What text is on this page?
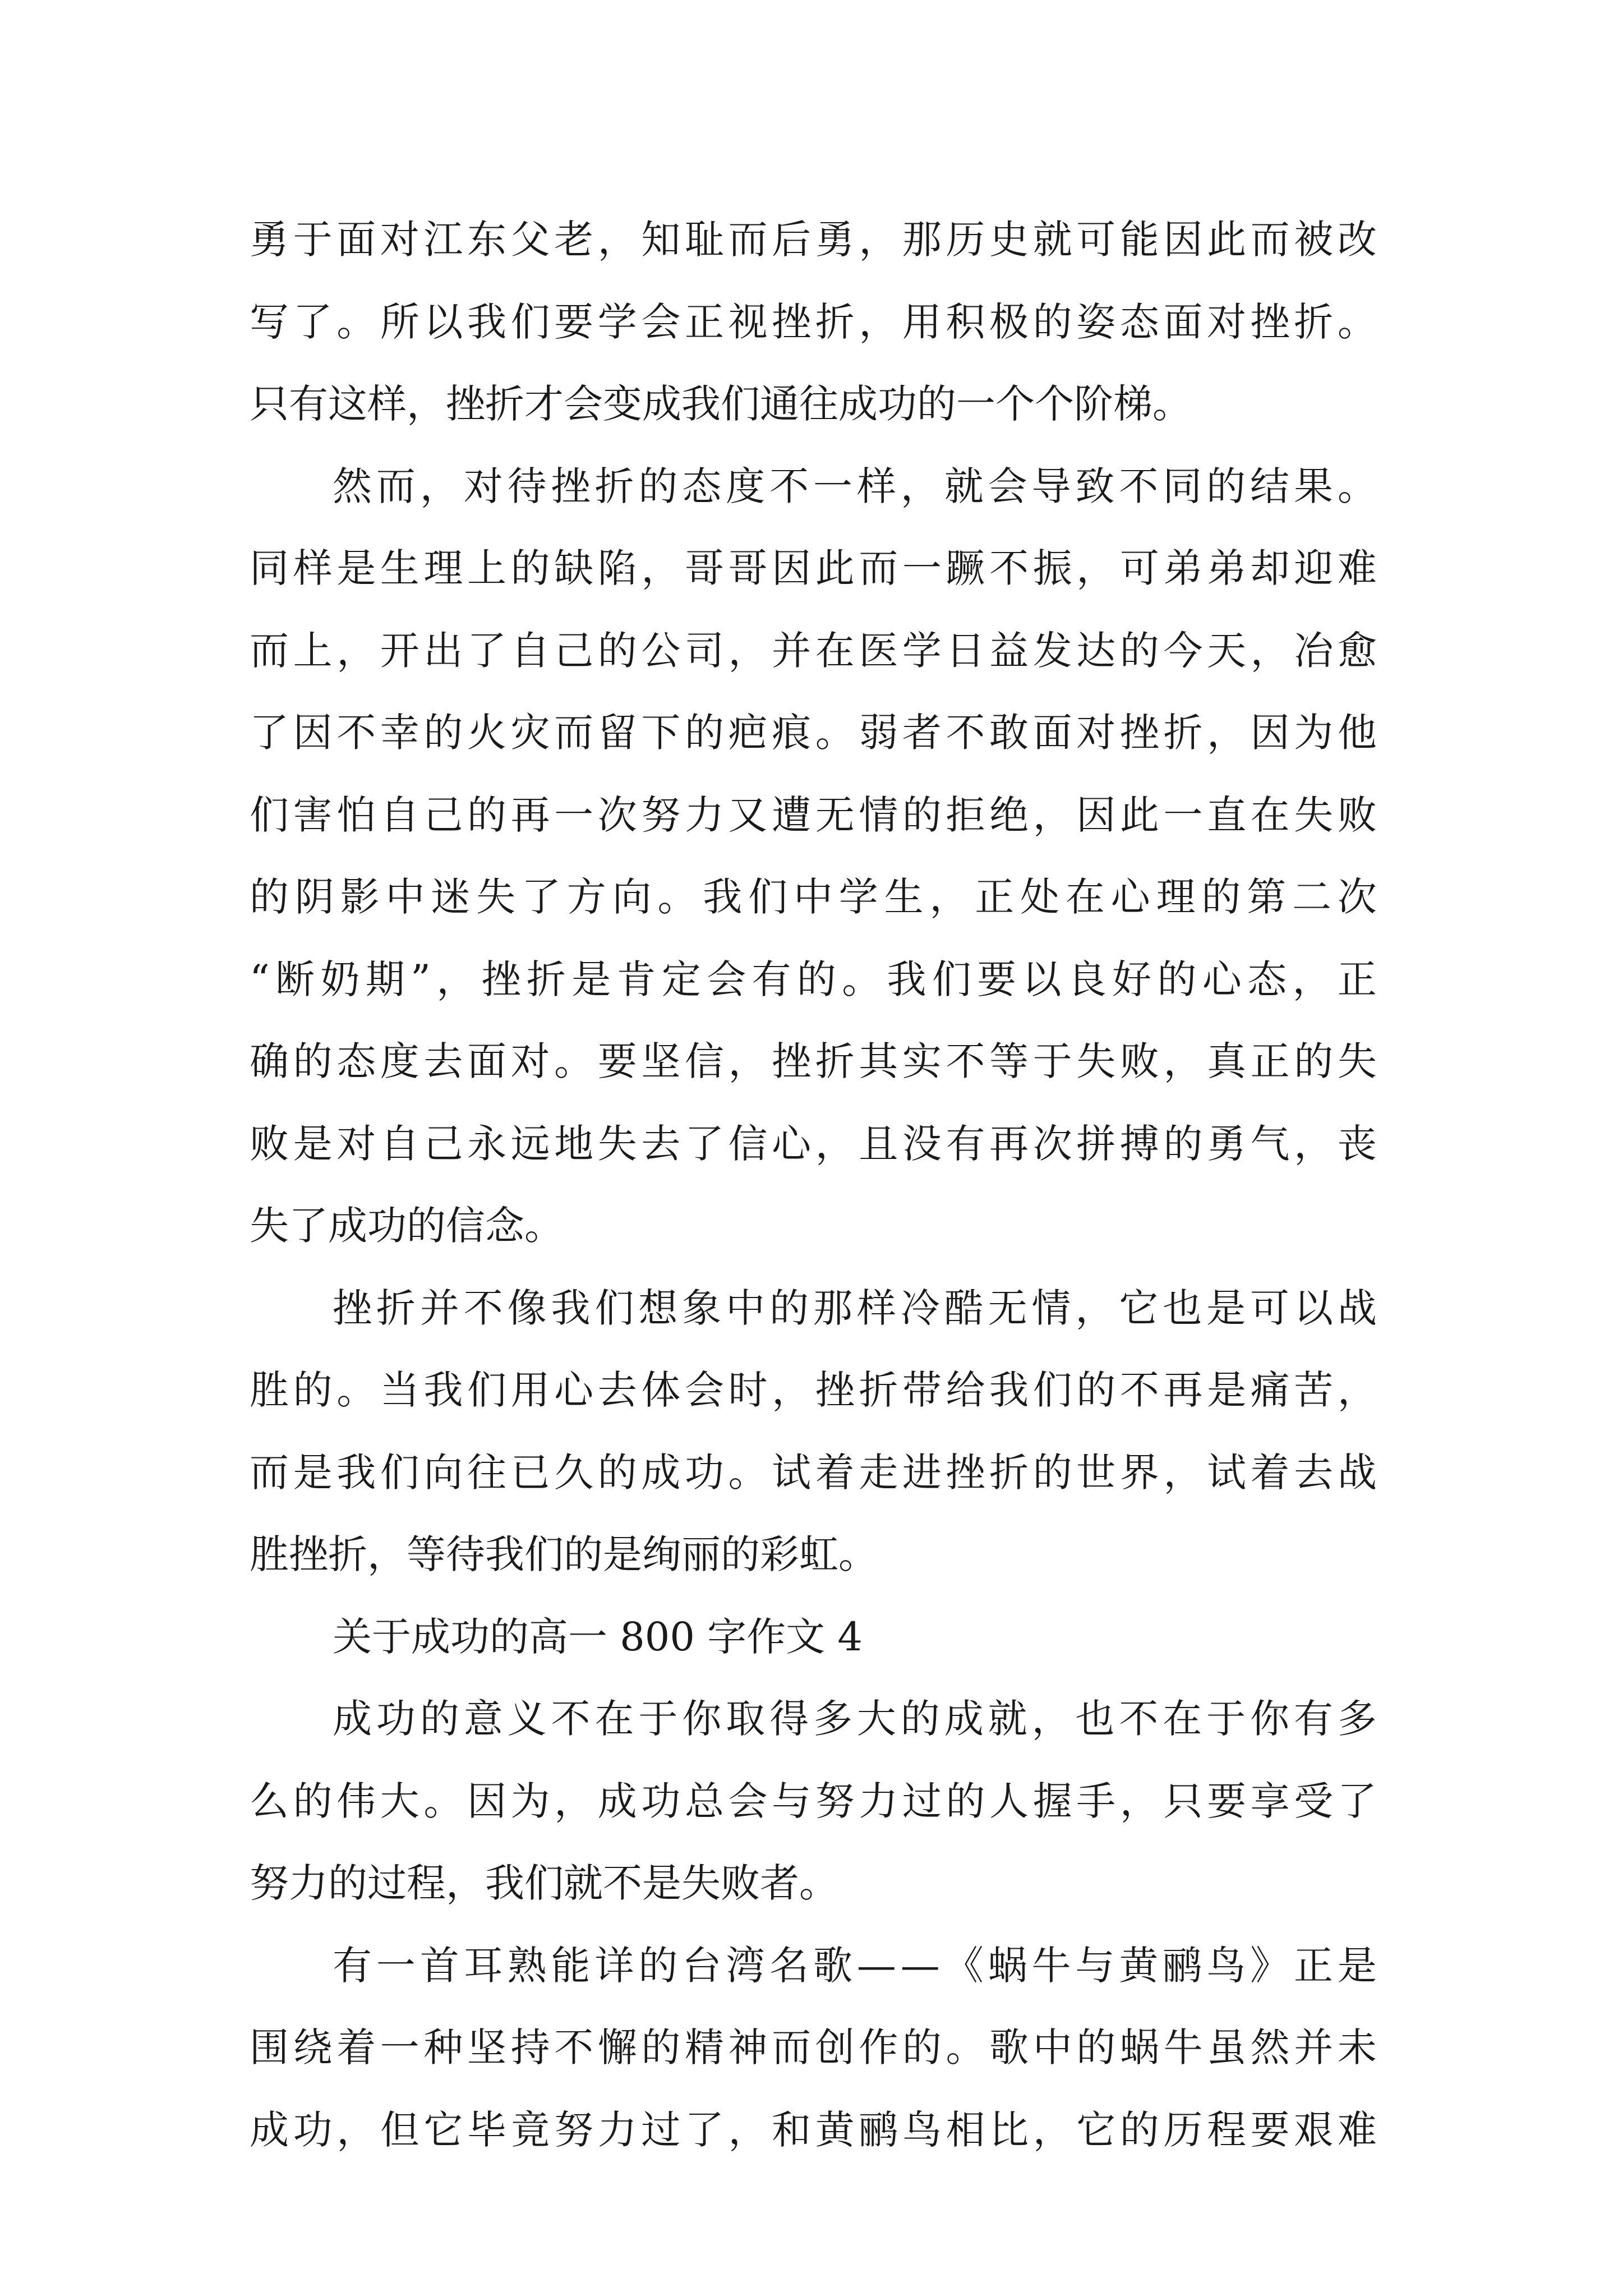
勇 于 面 对 江 东 父 老 ， 知 耻 而 后 勇 ， 那 历 史 就 可 能 因 此 而 被 改
写 了 。 所 以 我 们 要 学 会 正 视 挫 折 ， 用 积 极 的 姿 态 面 对 挫 折 。
只有这样，挫折才会变成我们通往成功的一个个阶梯。
然 而 ， 对 待 挫 折 的 态 度 不 一 样 ， 就 会 导 致 不 同 的 结 果 。
同 样 是 生 理 上 的 缺 陷 ， 哥 哥 因 此 而 一 蹶 不 振 ， 可 弟 弟 却 迎 难
而 上 ， 开 出 了 自 己 的 公 司 ， 并 在 医 学 日 益 发 达 的 今 天 ， 冶 愈
了 因 不 幸 的 火 灾 而 留 下 的 疤 痕 。 弱 者 不 敢 面 对 挫 折 ， 因 为 他
们 害 怕 自 己 的 再 一 次 努 力 又 遭 无 情 的 拒 绝 ， 因 此 一 直 在 失 败
的 阴 影 中 迷 失 了 方 向 。 我 们 中 学 生 ， 正 处 在 心 理 的 第 二 次
“ 断 奶 期 ” ， 挫 折 是 肯 定 会 有 的 。 我 们 要 以 良 好 的 心 态 ， 正
确 的 态 度 去 面 对 。 要 坚 信 ， 挫 折 其 实 不 等 于 失 败 ， 真 正 的 失
败 是 对 自 己 永 远 地 失 去 了 信 心 ， 且 没 有 再 次 拼 搏 的 勇 气 ， 丧
失了成功的信念。
挫 折 并 不 像 我 们 想 象 中 的 那 样 冷 酷 无 情 ， 它 也 是 可 以 战
胜 的 。 当 我 们 用 心 去 体 会 时 ， 挫 折 带 给 我 们 的 不 再 是 痛 苦 ，
而 是 我 们 向 往 已 久 的 成 功 。 试 着 走 进 挫 折 的 世 界 ， 试 着 去 战
胜挫折，等待我们的是绚丽的彩虹。
关于成功的高一 800 字作文 4
成 功 的 意 义 不 在 于 你 取 得 多 大 的 成 就 ， 也 不 在 于 你 有 多
么 的 伟 大 。 因 为 ， 成 功 总 会 与 努 力 过 的 人 握 手 ， 只 要 享 受 了
努力的过程，我们就不是失败者。
有 一 首 耳 熟 能 详 的 台 湾 名 歌 — — 《 蜗 牛 与 黄 鹂 鸟 》 正 是
围 绕 着 一 种 坚 持 不 懈 的 精 神 而 创 作 的 。 歌 中 的 蜗 牛 虽 然 并 未
成 功 ， 但 它 毕 竟 努 力 过 了 ， 和 黄 鹂 鸟 相 比 ， 它 的 历 程 要 艰 难
